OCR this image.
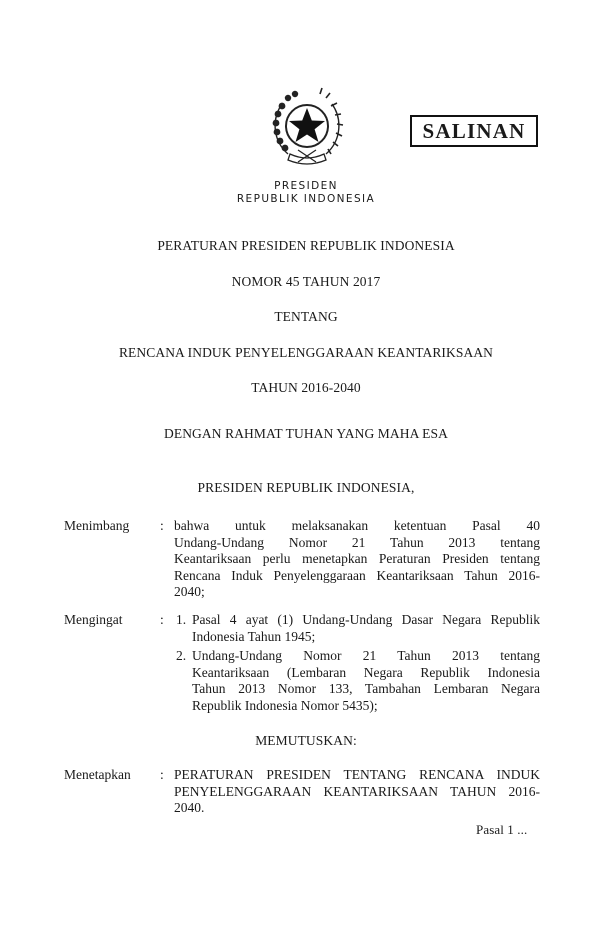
SALINAN
PRESIDEN
REPUBLIK INDONESIA
PERATURAN PRESIDEN REPUBLIK INDONESIA
NOMOR 45 TAHUN 2017
TENTANG
RENCANA INDUK PENYELENGGARAAN KEANTARIKSAAN
TAHUN 2016-2040
DENGAN RAHMAT TUHAN YANG MAHA ESA
PRESIDEN REPUBLIK INDONESIA,
Menimbang : bahwa untuk melaksanakan ketentuan Pasal 40
Undang-Undang Nomor 21 Tahun 2013 tentang
Keantariksaan perlu menetapkan Peraturan Presiden tentang
Rencana Induk Penyelenggaraan Keantariksaan Tahun 2016-
2040;
Mengingat	: 1. Pasal 4 ayat (1) Undang-Undang Dasar Negara Republik
Indonesia Tahun 1945;
2. Undang-Undang Nomor 21 Tahun 2013 tentang
Keantariksaan (Lembaran Negara Republik Indonesia
Tahun 2013 Nomor 133, Tambahan Lembaran Negara
Republik Indonesia Nomor 5435);
MEMUTUSKAN:
Menetapkan : PERATURAN PRESIDEN TENTANG RENCANA INDUK
PENYELENGGARAAN KEANTARIKSAAN TAHUN 2016-2040.
Pasal 1 ...
